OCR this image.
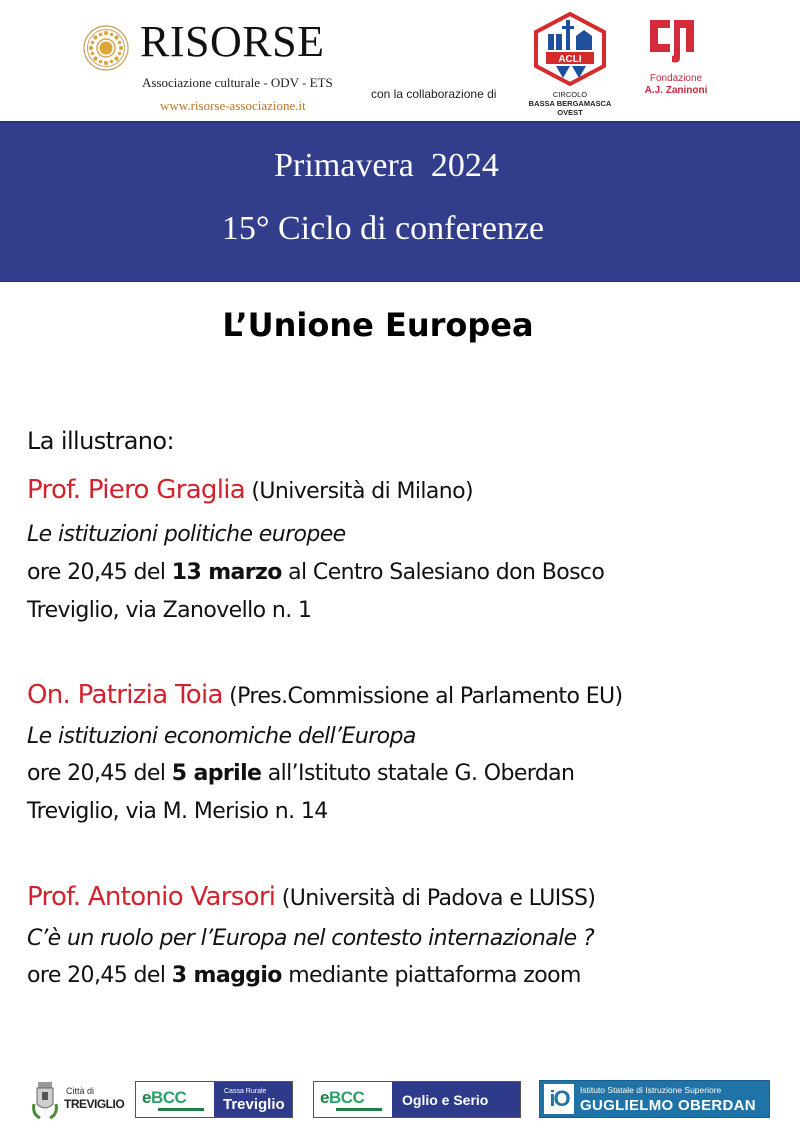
RISORSE
Associazione culturale - ODV - ETS
www.risorse-associazione.it
con la collaborazione di
ACLI
CIRCOLO
BASSA BERGAMASCA
OVEST
Fondazione
A.J. Zaninoni
Primavera  2024
15° Ciclo di conferenze
L’Unione Europea
La illustrano:
Prof. Piero Graglia (Università di Milano)
Le istituzioni politiche europee
ore 20,45 del 13 marzo al Centro Salesiano don Bosco
Treviglio, via Zanovello n. 1
On. Patrizia Toia (Pres.Commissione al Parlamento EU)
Le istituzioni economiche dell’Europa
ore 20,45 del 5 aprile all’Istituto statale G. Oberdan
Treviglio, via M. Merisio n. 14
Prof. Antonio Varsori (Università di Padova e LUISS)
C’è un ruolo per l’Europa nel contesto internazionale ?
ore 20,45 del 3 maggio mediante piattaforma zoom
Città di
TREVIGLIO eBCC	Cassa Rurale
Treviglio eBCC	Oglio e Serio	iO	Istituto Statale di Istruzione Superiore
GUGLIELMO OBERDAN
